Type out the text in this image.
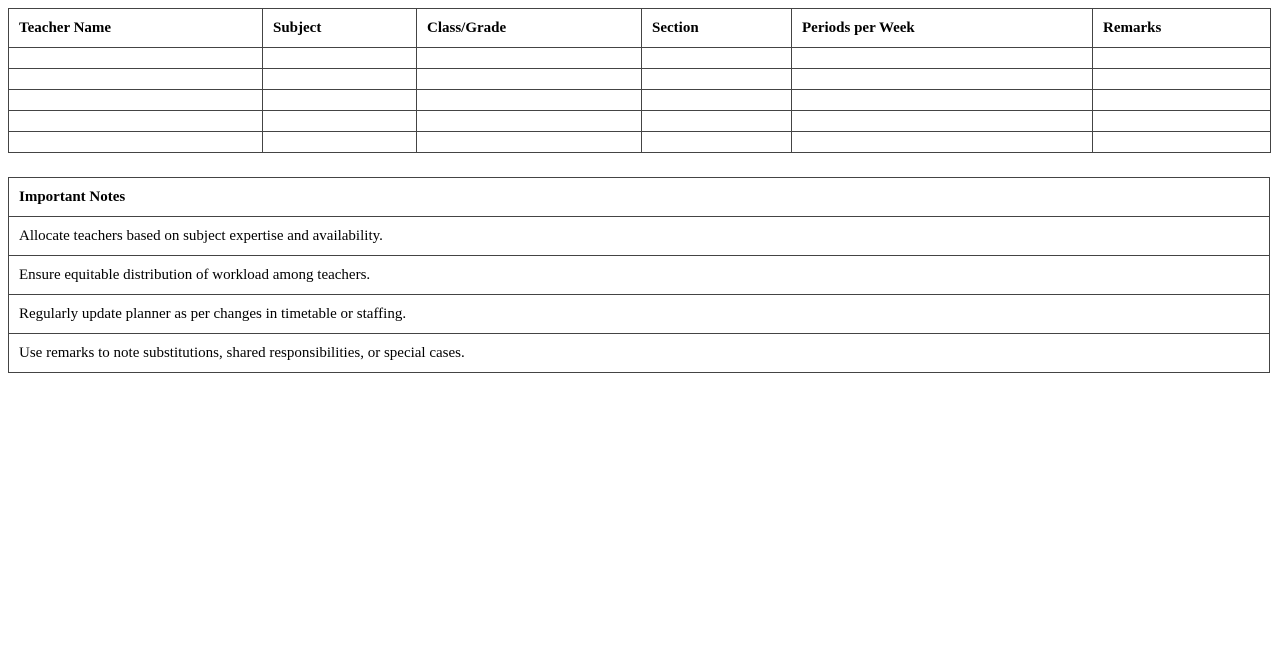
Teacher Name	Subject	Class/Grade	Section	Periods per Week	Remarks

Important Notes
Allocate teachers based on subject expertise and availability.
Ensure equitable distribution of workload among teachers.
Regularly update planner as per changes in timetable or staffing.
Use remarks to note substitutions, shared responsibilities, or special cases.
